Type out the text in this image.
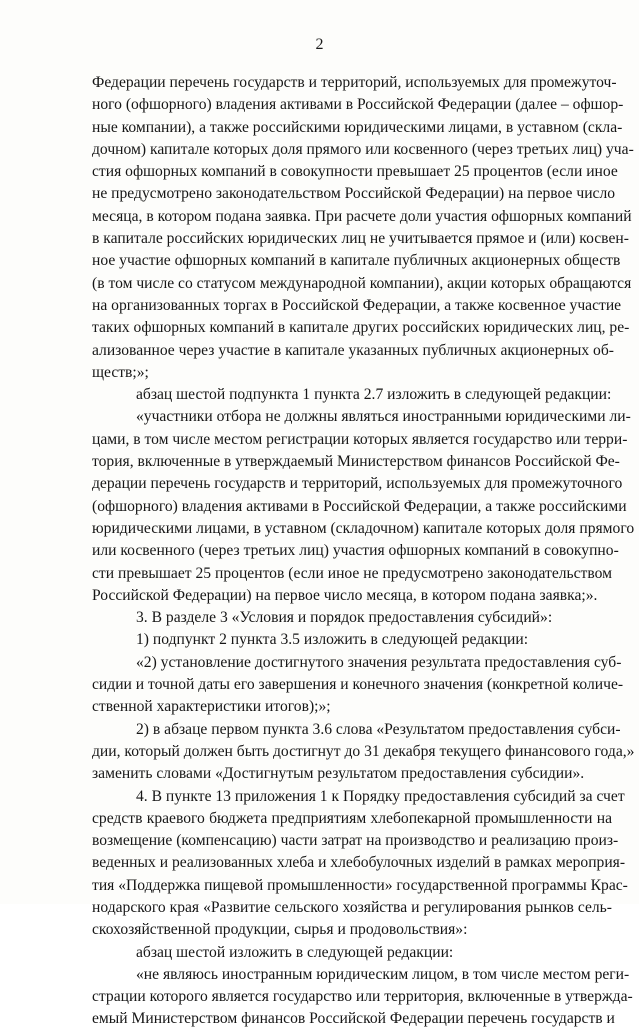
2
Федерации перечень государств и территорий, используемых для промежуточ-
ного (офшорного) владения активами в Российской Федерации (далее – офшор-
ные компании), а также российскими юридическими лицами, в уставном (скла-
дочном) капитале которых доля прямого или косвенного (через третьих лиц) уча-
стия офшорных компаний в совокупности превышает 25 процентов (если иное
не предусмотрено законодательством Российской Федерации) на первое число
месяца, в котором подана заявка. При расчете доли участия офшорных компаний
в капитале российских юридических лиц не учитывается прямое и (или) косвен-
ное участие офшорных компаний в капитале публичных акционерных обществ
(в том числе со статусом международной компании), акции которых обращаются
на организованных торгах в Российской Федерации, а также косвенное участие
таких офшорных компаний в капитале других российских юридических лиц, ре-
ализованное через участие в капитале указанных публичных акционерных об-
ществ;»;
абзац шестой подпункта 1 пункта 2.7 изложить в следующей редакции:
«участники отбора не должны являться иностранными юридическими ли-
цами, в том числе местом регистрации которых является государство или терри-
тория, включенные в утверждаемый Министерством финансов Российской Фе-
дерации перечень государств и территорий, используемых для промежуточного
(офшорного) владения активами в Российской Федерации, а также российскими
юридическими лицами, в уставном (складочном) капитале которых доля прямого
или косвенного (через третьих лиц) участия офшорных компаний в совокупно-
сти превышает 25 процентов (если иное не предусмотрено законодательством
Российской Федерации) на первое число месяца, в котором подана заявка;».
3. В разделе 3 «Условия и порядок предоставления субсидий»:
1) подпункт 2 пункта 3.5 изложить в следующей редакции:
«2) установление достигнутого значения результата предоставления суб-
сидии и точной даты его завершения и конечного значения (конкретной количе-
ственной характеристики итогов);»;
2) в абзаце первом пункта 3.6 слова «Результатом предоставления субси-
дии, который должен быть достигнут до 31 декабря текущего финансового года,»
заменить словами «Достигнутым результатом предоставления субсидии».
4. В пункте 13 приложения 1 к Порядку предоставления субсидий за счет
средств краевого бюджета предприятиям хлебопекарной промышленности на
возмещение (компенсацию) части затрат на производство и реализацию произ-
веденных и реализованных хлеба и хлебобулочных изделий в рамках мероприя-
тия «Поддержка пищевой промышленности» государственной программы Крас-
нодарского края «Развитие сельского хозяйства и регулирования рынков сель-
скохозяйственной продукции, сырья и продовольствия»:
абзац шестой изложить в следующей редакции:
«не являюсь иностранным юридическим лицом, в том числе местом реги-
страции которого является государство или территория, включенные в утвержда-
емый Министерством финансов Российской Федерации перечень государств и
